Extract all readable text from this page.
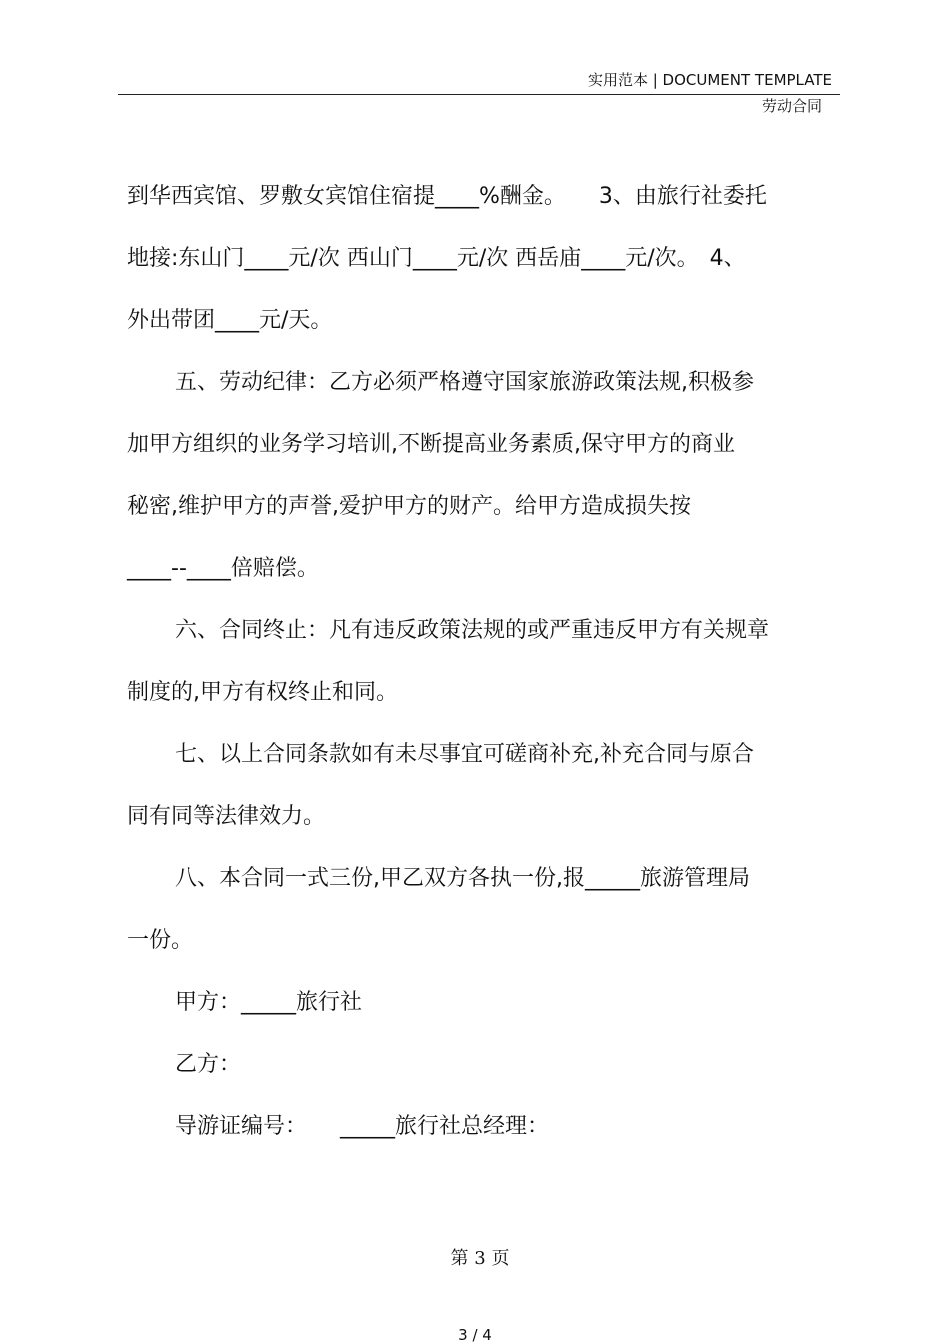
实用范本 | DOCUMENT TEMPLATE
劳动合同
到华西宾馆、罗敷女宾馆住宿提____%酬金。　　3、由旅行社委托
地接:东山门____元/次 西山门____元/次 西岳庙____元/次。　4、
外出带团____元/天。
五、劳动纪律：乙方必须严格遵守国家旅游政策法规,积极参
加甲方组织的业务学习培训,不断提高业务素质,保守甲方的商业
秘密,维护甲方的声誉,爱护甲方的财产。给甲方造成损失按
____--____倍赔偿。
六、合同终止：凡有违反政策法规的或严重违反甲方有关规章
制度的,甲方有权终止和同。
七、以上合同条款如有未尽事宜可磋商补充,补充合同与原合
同有同等法律效力。
八、本合同一式三份,甲乙双方各执一份,报_____旅游管理局
一份。
甲方：_____旅行社
乙方：
导游证编号：　　_____旅行社总经理：
第 3 页
3 / 4
